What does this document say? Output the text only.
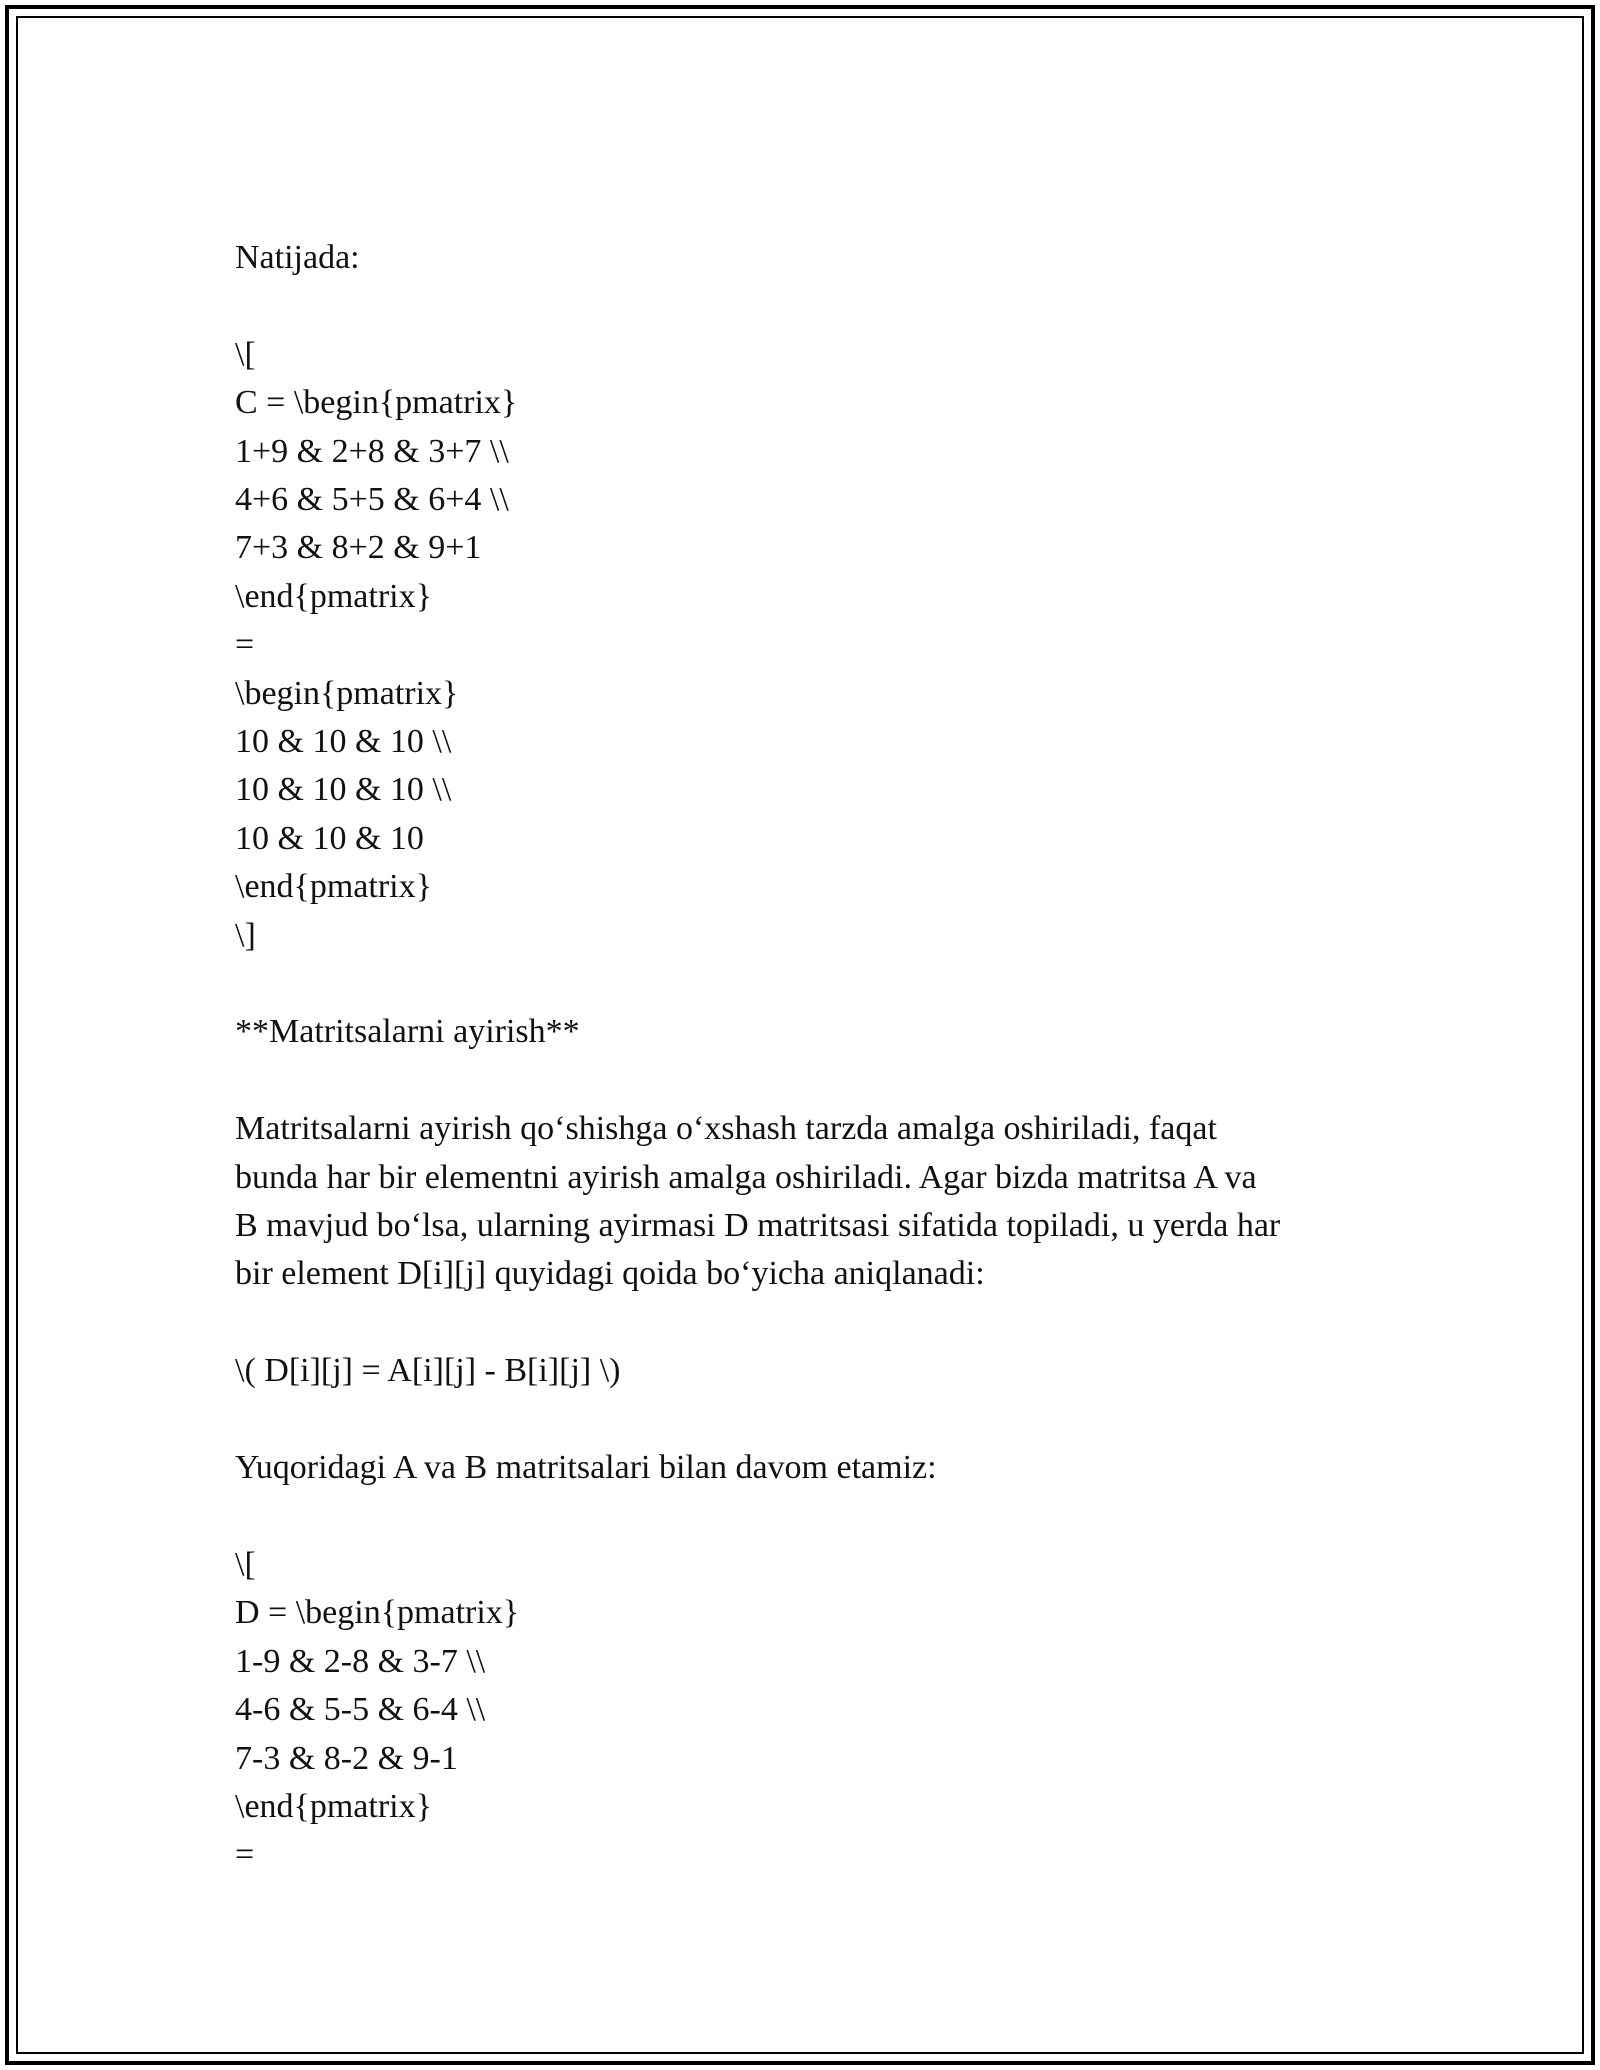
Natijada:
\[
C = \begin{pmatrix}
1+9 & 2+8 & 3+7 \\
4+6 & 5+5 & 6+4 \\
7+3 & 8+2 & 9+1
\end{pmatrix}
=
\begin{pmatrix}
10 & 10 & 10 \\
10 & 10 & 10 \\
10 & 10 & 10
\end{pmatrix}
\]
**Matritsalarni ayirish**
Matritsalarni ayirish qo‘shishga o‘xshash tarzda amalga oshiriladi, faqat
bunda har bir elementni ayirish amalga oshiriladi. Agar bizda matritsa A va
B mavjud bo‘lsa, ularning ayirmasi D matritsasi sifatida topiladi, u yerda har
bir element D[i][j] quyidagi qoida bo‘yicha aniqlanadi:
\( D[i][j] = A[i][j] - B[i][j] \)
Yuqoridagi A va B matritsalari bilan davom etamiz:
\[
D = \begin{pmatrix}
1-9 & 2-8 & 3-7 \\
4-6 & 5-5 & 6-4 \\
7-3 & 8-2 & 9-1
\end{pmatrix}
=
